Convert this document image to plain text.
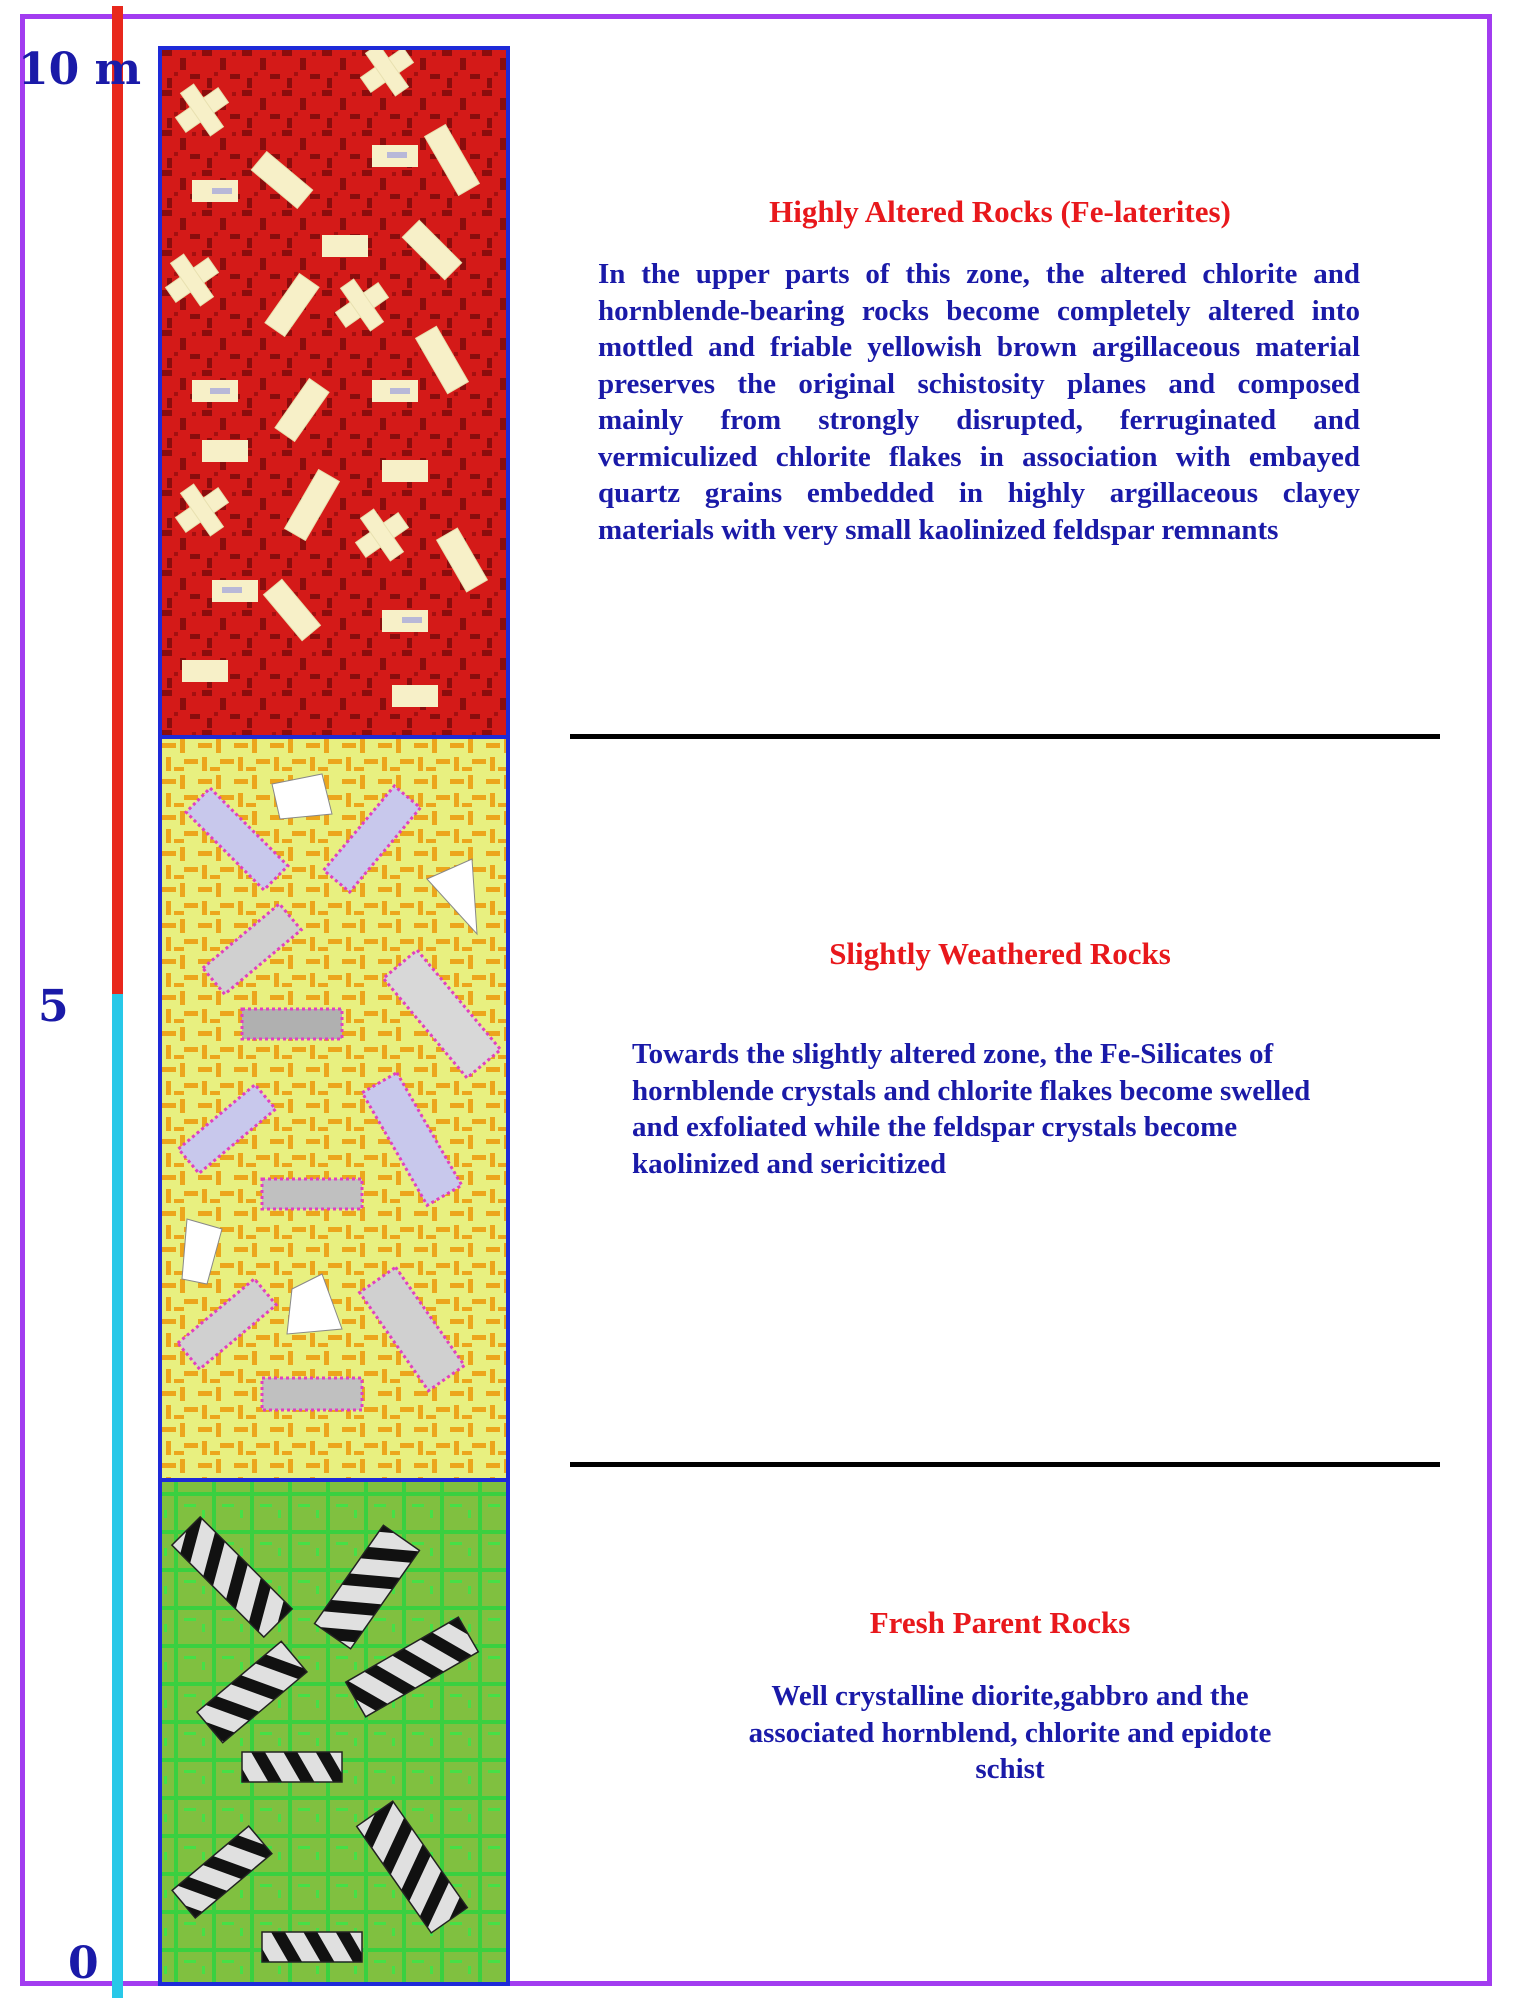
10 m
5
0
Highly Altered Rocks (Fe-laterites)
In the upper parts of this zone, the altered chlorite and hornblende-bearing rocks become completely altered into mottled and friable yellowish brown argillaceous material preserves the original schistosity planes and composed mainly from strongly disrupted, ferruginated and vermiculized chlorite flakes in association with embayed quartz grains embedded in highly argillaceous clayey materials with very small kaolinized feldspar remnants
Slightly Weathered Rocks
Towards the slightly altered zone, the Fe-Silicates of hornblende crystals and chlorite flakes become swelled and exfoliated while the feldspar crystals become kaolinized and sericitized
Fresh Parent Rocks
Well crystalline diorite,gabbro and the associated hornblend, chlorite and epidote schist
